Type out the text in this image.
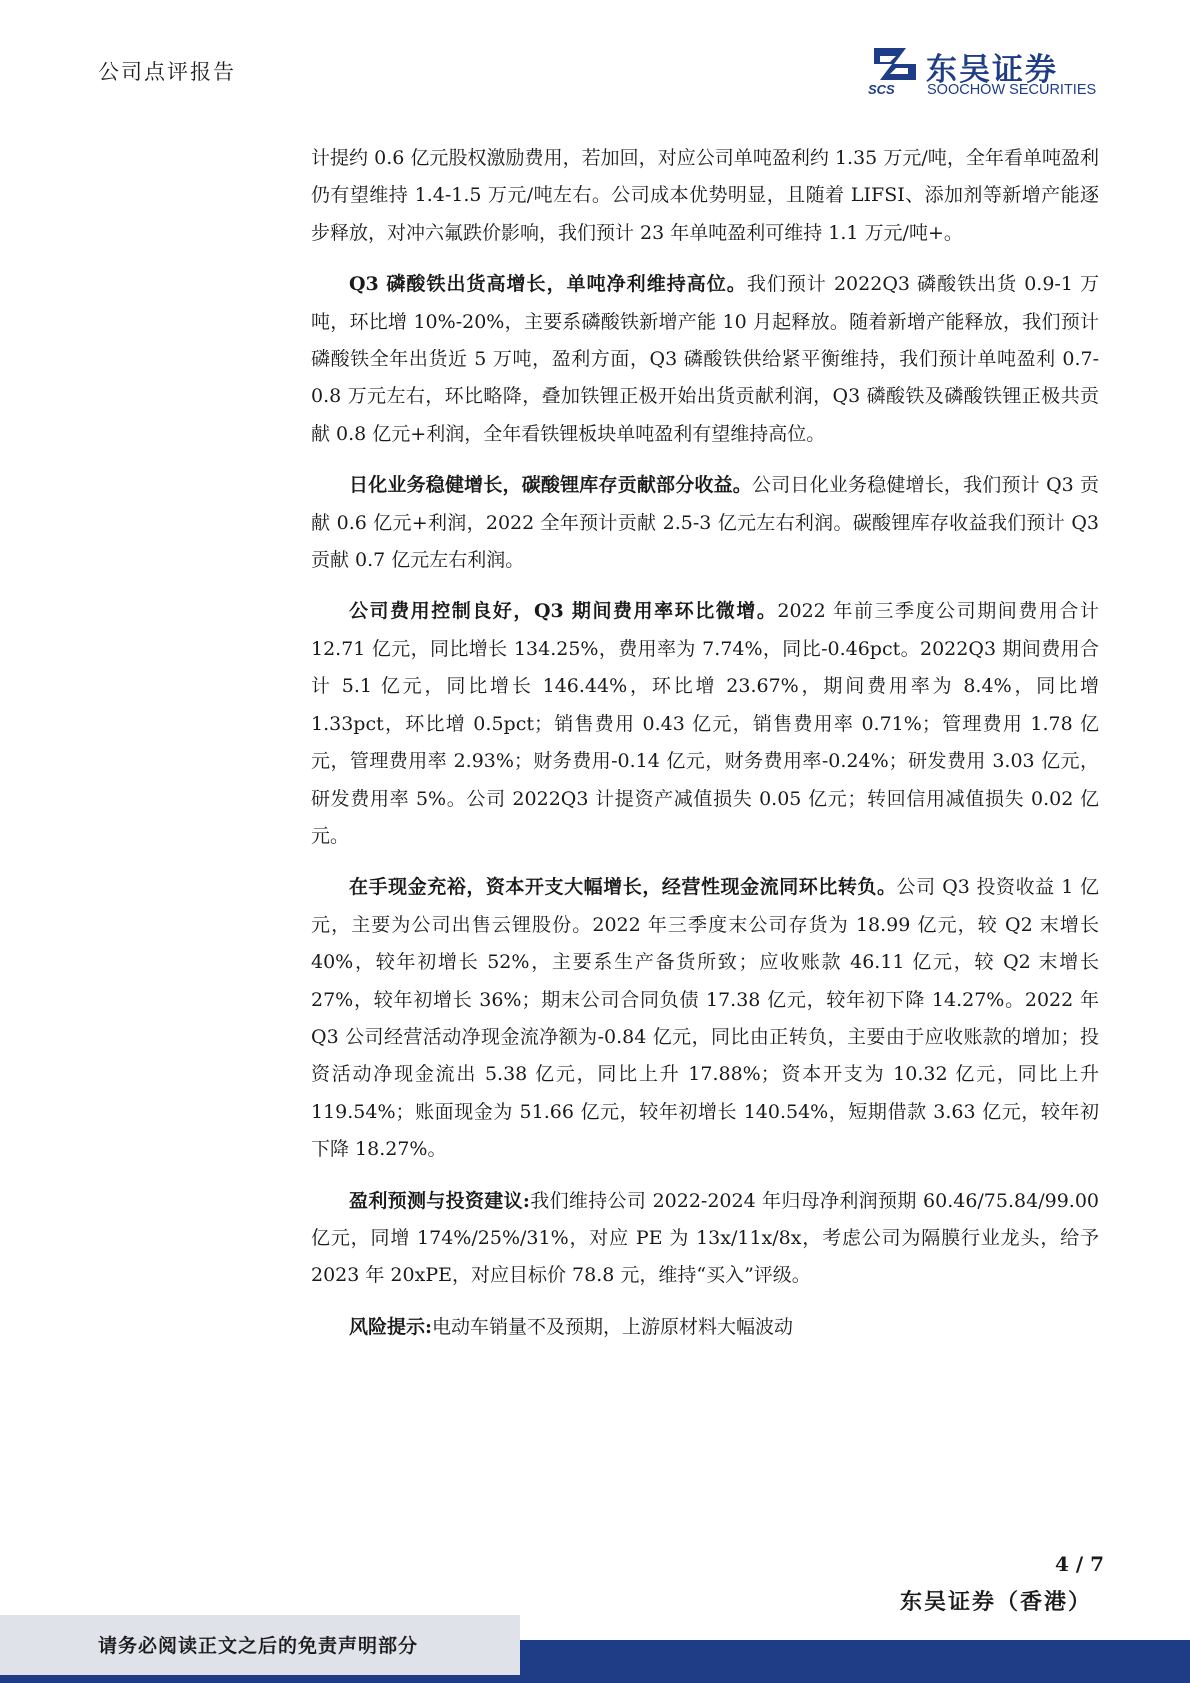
公司点评报告
SCS
东吴证券
SOOCHOW SECURITIES

计提约 0.6 亿元股权激励费用，若加回，对应公司单吨盈利约 1.35 万元/吨，全年看单吨盈利仍有望维持 1.4-1.5 万元/吨左右。公司成本优势明显，且随着 LIFSI、添加剂等新增产能逐步释放，对冲六氟跌价影响，我们预计 23 年单吨盈利可维持 1.1 万元/吨+。

Q3 磷酸铁出货高增长，单吨净利维持高位。我们预计 2022Q3 磷酸铁出货 0.9-1 万吨，环比增 10%-20%，主要系磷酸铁新增产能 10 月起释放。随着新增产能释放，我们预计磷酸铁全年出货近 5 万吨，盈利方面，Q3 磷酸铁供给紧平衡维持，我们预计单吨盈利 0.7-0.8 万元左右，环比略降，叠加铁锂正极开始出货贡献利润，Q3 磷酸铁及磷酸铁锂正极共贡献 0.8 亿元+利润，全年看铁锂板块单吨盈利有望维持高位。

日化业务稳健增长，碳酸锂库存贡献部分收益。公司日化业务稳健增长，我们预计 Q3 贡献 0.6 亿元+利润，2022 全年预计贡献 2.5-3 亿元左右利润。碳酸锂库存收益我们预计 Q3 贡献 0.7 亿元左右利润。

公司费用控制良好，Q3 期间费用率环比微增。2022 年前三季度公司期间费用合计 12.71 亿元，同比增长 134.25%，费用率为 7.74%，同比-0.46pct。2022Q3 期间费用合计 5.1 亿元，同比增长 146.44%，环比增 23.67%，期间费用率为 8.4%，同比增 1.33pct，环比增 0.5pct；销售费用 0.43 亿元，销售费用率 0.71%；管理费用 1.78 亿元，管理费用率 2.93%；财务费用-0.14 亿元，财务费用率-0.24%；研发费用 3.03 亿元，研发费用率 5%。公司 2022Q3 计提资产减值损失 0.05 亿元；转回信用减值损失 0.02 亿元。

在手现金充裕，资本开支大幅增长，经营性现金流同环比转负。公司 Q3 投资收益 1 亿元，主要为公司出售云锂股份。2022 年三季度末公司存货为 18.99 亿元，较 Q2 末增长 40%，较年初增长 52%，主要系生产备货所致；应收账款 46.11 亿元，较 Q2 末增长 27%，较年初增长 36%；期末公司合同负债 17.38 亿元，较年初下降 14.27%。2022 年 Q3 公司经营活动净现金流净额为-0.84 亿元，同比由正转负，主要由于应收账款的增加；投资活动净现金流出 5.38 亿元，同比上升 17.88%；资本开支为 10.32 亿元，同比上升 119.54%；账面现金为 51.66 亿元，较年初增长 140.54%，短期借款 3.63 亿元，较年初下降 18.27%。

盈利预测与投资建议:我们维持公司 2022-2024 年归母净利润预期 60.46/75.84/99.00 亿元，同增 174%/25%/31%，对应 PE 为 13x/11x/8x，考虑公司为隔膜行业龙头，给予 2023 年 20xPE，对应目标价 78.8 元，维持“买入”评级。

风险提示:电动车销量不及预期，上游原材料大幅波动

4 / 7
东吴证券（香港）
请务必阅读正文之后的免责声明部分
